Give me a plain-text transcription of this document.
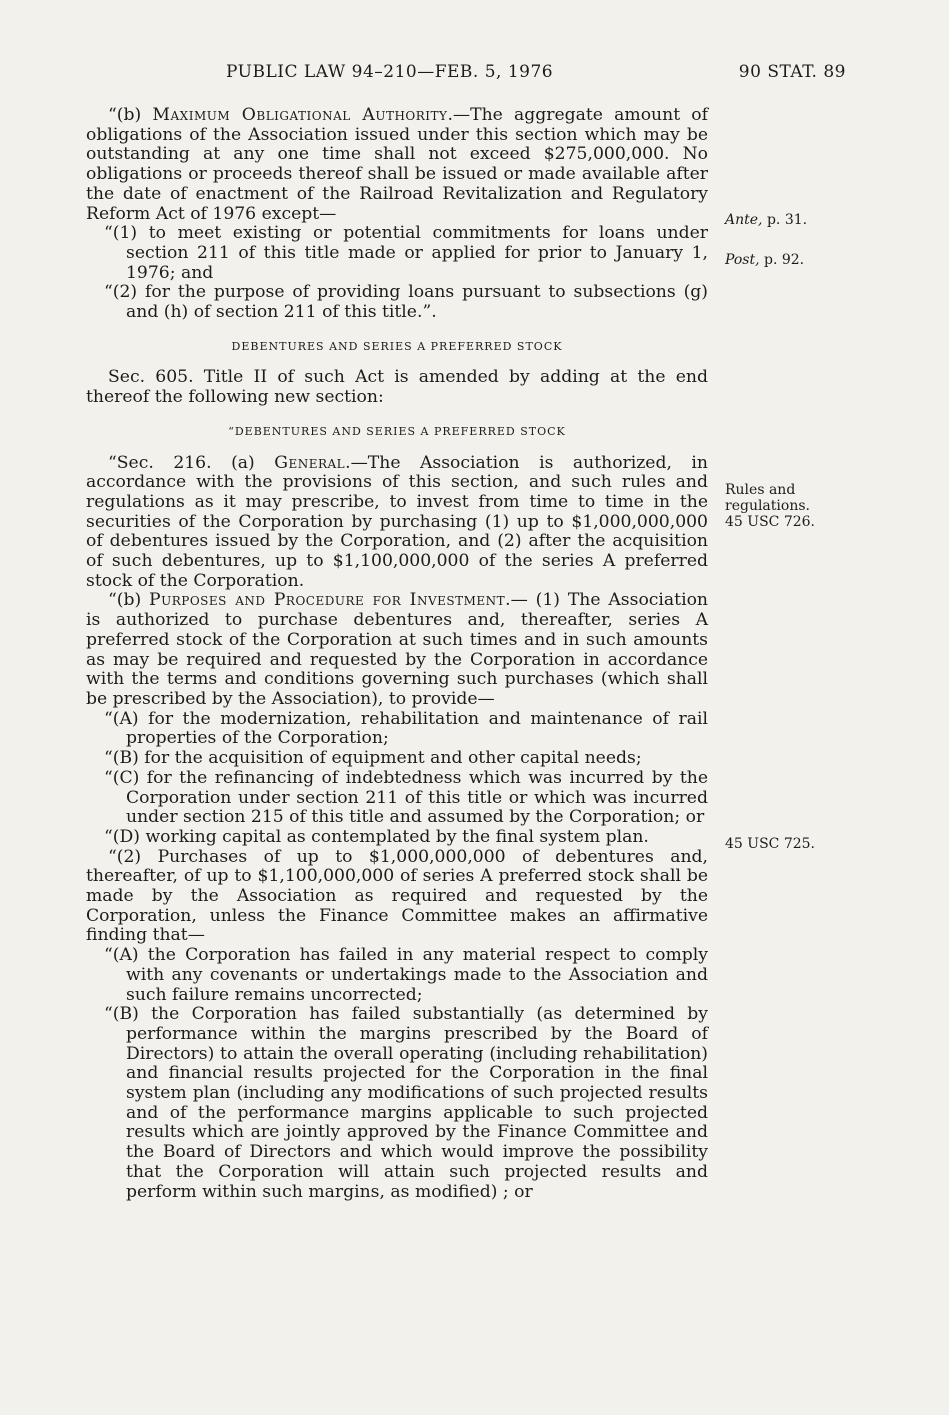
PUBLIC LAW 94–210—FEB. 5, 1976	90 STAT. 89

“(b) Maximum Obligational Authority.—The aggregate amount of obligations of the Association issued under this section which may be outstanding at any one time shall not exceed $275,000,000. No obligations or proceeds thereof shall be issued or made available after the date of enactment of the Railroad Revitalization and Regulatory Reform Act of 1976 except—

“(1) to meet existing or potential commitments for loans under section 211 of this title made or applied for prior to January 1, 1976; and

“(2) for the purpose of providing loans pursuant to subsections (g) and (h) of section 211 of this title.”.

DEBENTURES AND SERIES A PREFERRED STOCK

Sec. 605. Title II of such Act is amended by adding at the end thereof the following new section:

“DEBENTURES AND SERIES A PREFERRED STOCK

“Sec. 216. (a) General.—The Association is authorized, in accordance with the provisions of this section, and such rules and regulations as it may prescribe, to invest from time to time in the securities of the Corporation by purchasing (1) up to $1,000,000,000 of debentures issued by the Corporation, and (2) after the acquisition of such debentures, up to $1,100,000,000 of the series A preferred stock of the Corporation.

“(b) Purposes and Procedure for Investment.— (1) The Association is authorized to purchase debentures and, thereafter, series A preferred stock of the Corporation at such times and in such amounts as may be required and requested by the Corporation in accordance with the terms and conditions governing such purchases (which shall be prescribed by the Association), to provide—

“(A) for the modernization, rehabilitation and maintenance of rail properties of the Corporation;

“(B) for the acquisition of equipment and other capital needs;

“(C) for the refinancing of indebtedness which was incurred by the Corporation under section 211 of this title or which was incurred under section 215 of this title and assumed by the Corporation; or

“(D) working capital as contemplated by the final system plan.

“(2) Purchases of up to $1,000,000,000 of debentures and, thereafter, of up to $1,100,000,000 of series A preferred stock shall be made by the Association as required and requested by the Corporation, unless the Finance Committee makes an affirmative finding that—

“(A) the Corporation has failed in any material respect to comply with any covenants or undertakings made to the Association and such failure remains uncorrected;

“(B) the Corporation has failed substantially (as determined by performance within the margins prescribed by the Board of Directors) to attain the overall operating (including rehabilitation) and financial results projected for the Corporation in the final system plan (including any modifications of such projected results and of the performance margins applicable to such projected results which are jointly approved by the Finance Committee and the Board of Directors and which would improve the possibility that the Corporation will attain such projected results and perform within such margins, as modified) ; or

Ante, p. 31.
Post, p. 92.
Rules and
regulations.
45 USC 726.
45 USC 725.
